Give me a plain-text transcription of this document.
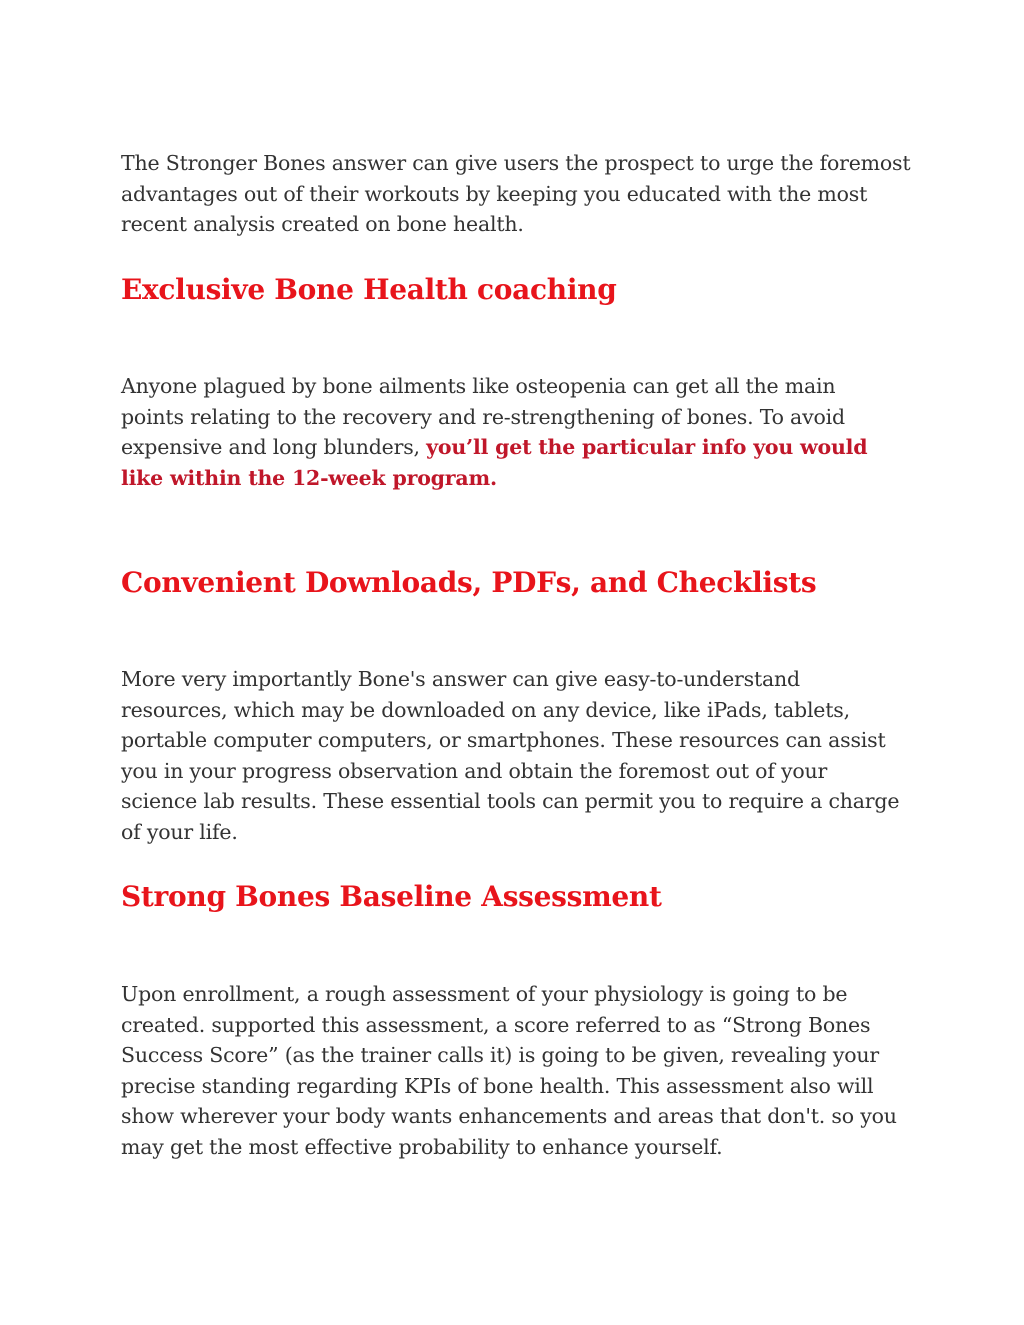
The Stronger Bones answer can give users the prospect to urge the foremost
advantages out of their workouts by keeping you educated with the most
recent analysis created on bone health.

Exclusive Bone Health coaching

Anyone plagued by bone ailments like osteopenia can get all the main
points relating to the recovery and re-strengthening of bones. To avoid
expensive and long blunders, you’ll get the particular info you would
like within the 12-week program.

Convenient Downloads, PDFs, and Checklists

More very importantly Bone's answer can give easy-to-understand
resources, which may be downloaded on any device, like iPads, tablets,
portable computer computers, or smartphones. These resources can assist
you in your progress observation and obtain the foremost out of your
science lab results. These essential tools can permit you to require a charge
of your life.

Strong Bones Baseline Assessment

Upon enrollment, a rough assessment of your physiology is going to be
created. supported this assessment, a score referred to as “Strong Bones
Success Score” (as the trainer calls it) is going to be given, revealing your
precise standing regarding KPIs of bone health. This assessment also will
show wherever your body wants enhancements and areas that don't. so you
may get the most effective probability to enhance yourself.
